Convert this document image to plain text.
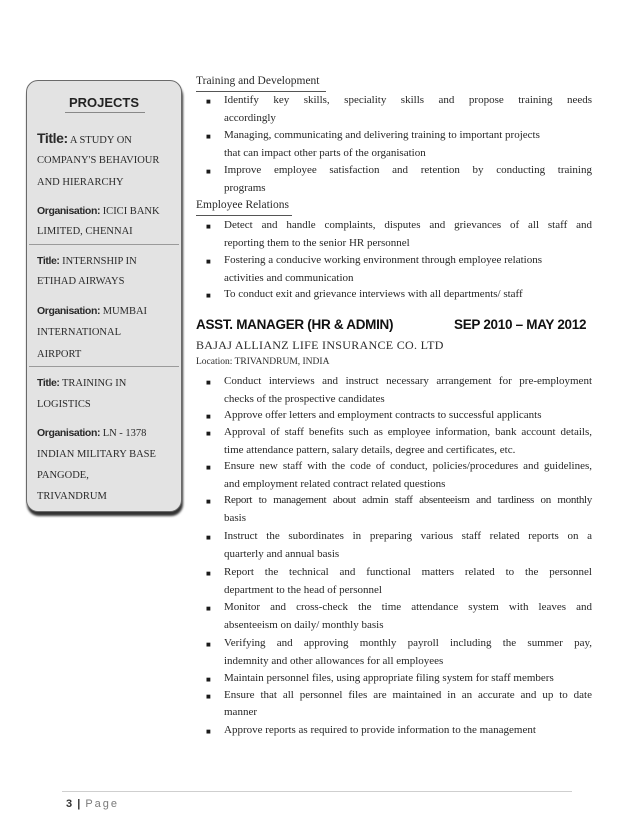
PROJECTS
Title: A STUDY ON
COMPANY'S BEHAVIOUR
AND HIERARCHY
Organisation: ICICI BANK
LIMITED, CHENNAI
Title: INTERNSHIP IN
ETIHAD AIRWAYS
Organisation: MUMBAI
INTERNATIONAL
AIRPORT
Title: TRAINING IN
LOGISTICS
Organisation: LN - 1378
INDIAN MILITARY BASE
PANGODE,
TRIVANDRUM
Training and Development
■ Identify key skills, speciality skills and propose training needs
accordingly
■ Managing, communicating and delivering training to important projects
that can impact other parts of the organisation
■ Improve employee satisfaction and retention by conducting training
programs
Employee Relations
■ Detect and handle complaints, disputes and grievances of all staff and
reporting them to the senior HR personnel
■ Fostering a conducive working environment through employee relations
activities and communication
■ To conduct exit and grievance interviews with all departments/ staff
ASST. MANAGER (HR & ADMIN)	SEP 2010 – MAY 2012
BAJAJ ALLIANZ LIFE INSURANCE CO. LTD
Location: TRIVANDRUM, INDIA
■ Conduct interviews and instruct necessary arrangement for pre-employment
checks of the prospective candidates
■ Approve offer letters and employment contracts to successful applicants
■ Approval of staff benefits such as employee information, bank account details,
time attendance pattern, salary details, degree and certificates, etc.
■ Ensure new staff with the code of conduct, policies/procedures and guidelines,
and employment related contract related questions
■ Report to management about admin staff absenteeism and tardiness on monthly
basis
■ Instruct the subordinates in preparing various staff related reports on a
quarterly and annual basis
■ Report the technical and functional matters related to the personnel
department to the head of personnel
■ Monitor and cross-check the time attendance system with leaves and
absenteeism on daily/ monthly basis
■ Verifying and approving monthly payroll including the summer pay,
indemnity and other allowances for all employees
■ Maintain personnel files, using appropriate filing system for staff members
■ Ensure that all personnel files are maintained in an accurate and up to date
manner
■ Approve reports as required to provide information to the management
3 | Page
